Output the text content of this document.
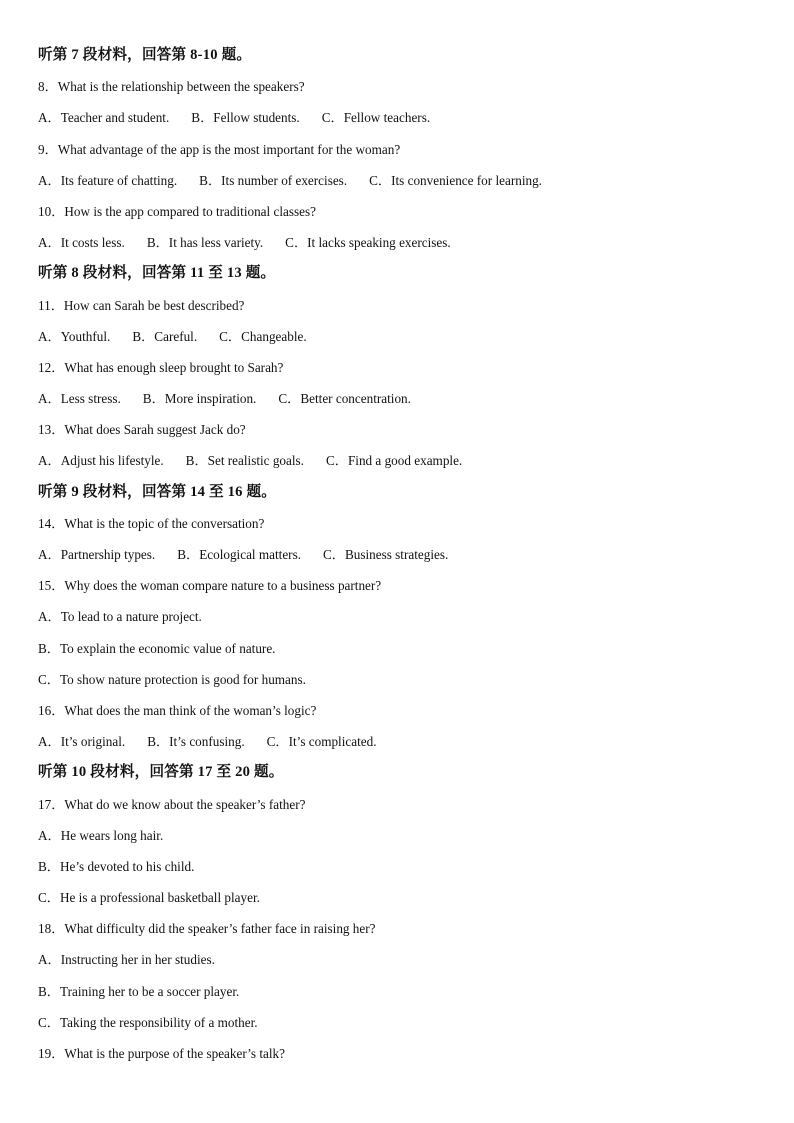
听第 7 段材料，回答第 8-10 题。
8．What is the relationship between the speakers?
A．Teacher and student. B．Fellow students. C．Fellow teachers.
9．What advantage of the app is the most important for the woman?
A．Its feature of chatting. B．Its number of exercises. C．Its convenience for learning.
10．How is the app compared to traditional classes?
A．It costs less. B．It has less variety. C．It lacks speaking exercises.
听第 8 段材料，回答第 11 至 13 题。
11．How can Sarah be best described?
A．Youthful. B．Careful. C．Changeable.
12．What has enough sleep brought to Sarah?
A．Less stress. B．More inspiration. C．Better concentration.
13．What does Sarah suggest Jack do?
A．Adjust his lifestyle. B．Set realistic goals. C．Find a good example.
听第 9 段材料，回答第 14 至 16 题。
14．What is the topic of the conversation?
A．Partnership types. B．Ecological matters. C．Business strategies.
15．Why does the woman compare nature to a business partner?
A．To lead to a nature project.
B．To explain the economic value of nature.
C．To show nature protection is good for humans.
16．What does the man think of the woman’s logic?
A．It’s original. B．It’s confusing. C．It’s complicated.
听第 10 段材料，回答第 17 至 20 题。
17．What do we know about the speaker’s father?
A．He wears long hair.
B．He’s devoted to his child.
C．He is a professional basketball player.
18．What difficulty did the speaker’s father face in raising her?
A．Instructing her in her studies.
B．Training her to be a soccer player.
C．Taking the responsibility of a mother.
19．What is the purpose of the speaker’s talk?
